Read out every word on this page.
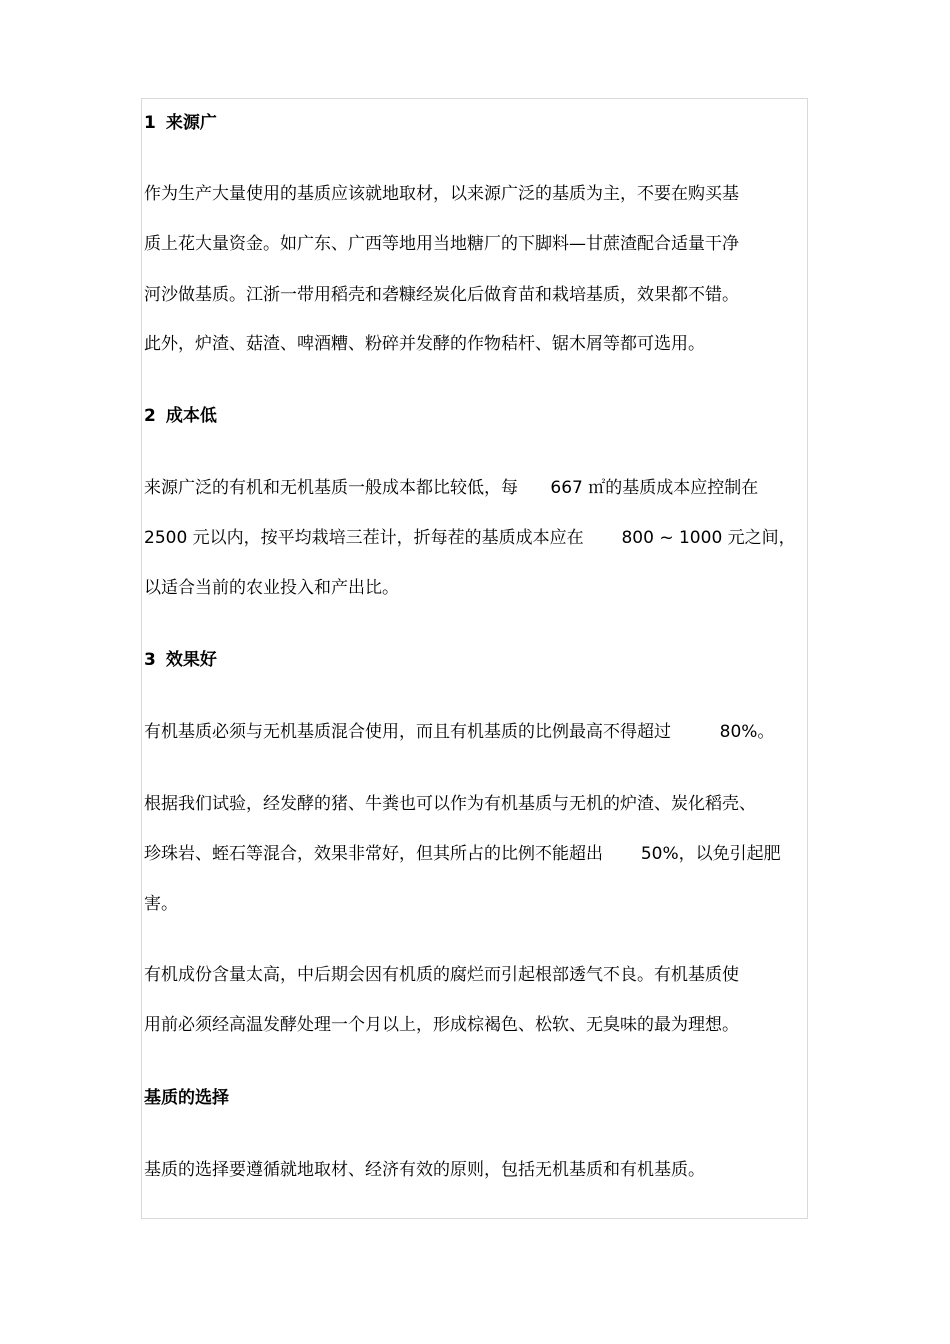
1 来源广
作为生产大量使用的基质应该就地取材，以来源广泛的基质为主，不要在购买基
质上花大量资金。如广东、广西等地用当地糖厂的下脚料—甘蔗渣配合适量干净
河沙做基质。江浙一带用稻壳和砻糠经炭化后做育苗和栽培基质，效果都不错。
此外，炉渣、菇渣、啤酒糟、粉碎并发酵的作物秸杆、锯木屑等都可选用。
2 成本低
来源广泛的有机和无机基质一般成本都比较低，每      667 ㎡的基质成本应控制在
2500 元以内，按平均栽培三茬计，折每茬的基质成本应在       800 ~ 1000 元之间，
以适合当前的农业投入和产出比。
3 效果好
有机基质必须与无机基质混合使用，而且有机基质的比例最高不得超过         80%。
根据我们试验，经发酵的猪、牛粪也可以作为有机基质与无机的炉渣、炭化稻壳、
珍珠岩、蛭石等混合，效果非常好，但其所占的比例不能超出       50%，以免引起肥
害。
有机成份含量太高，中后期会因有机质的腐烂而引起根部透气不良。有机基质使
用前必须经高温发酵处理一个月以上，形成棕褐色、松软、无臭味的最为理想。
基质的选择
基质的选择要遵循就地取材、经济有效的原则，包括无机基质和有机基质。
